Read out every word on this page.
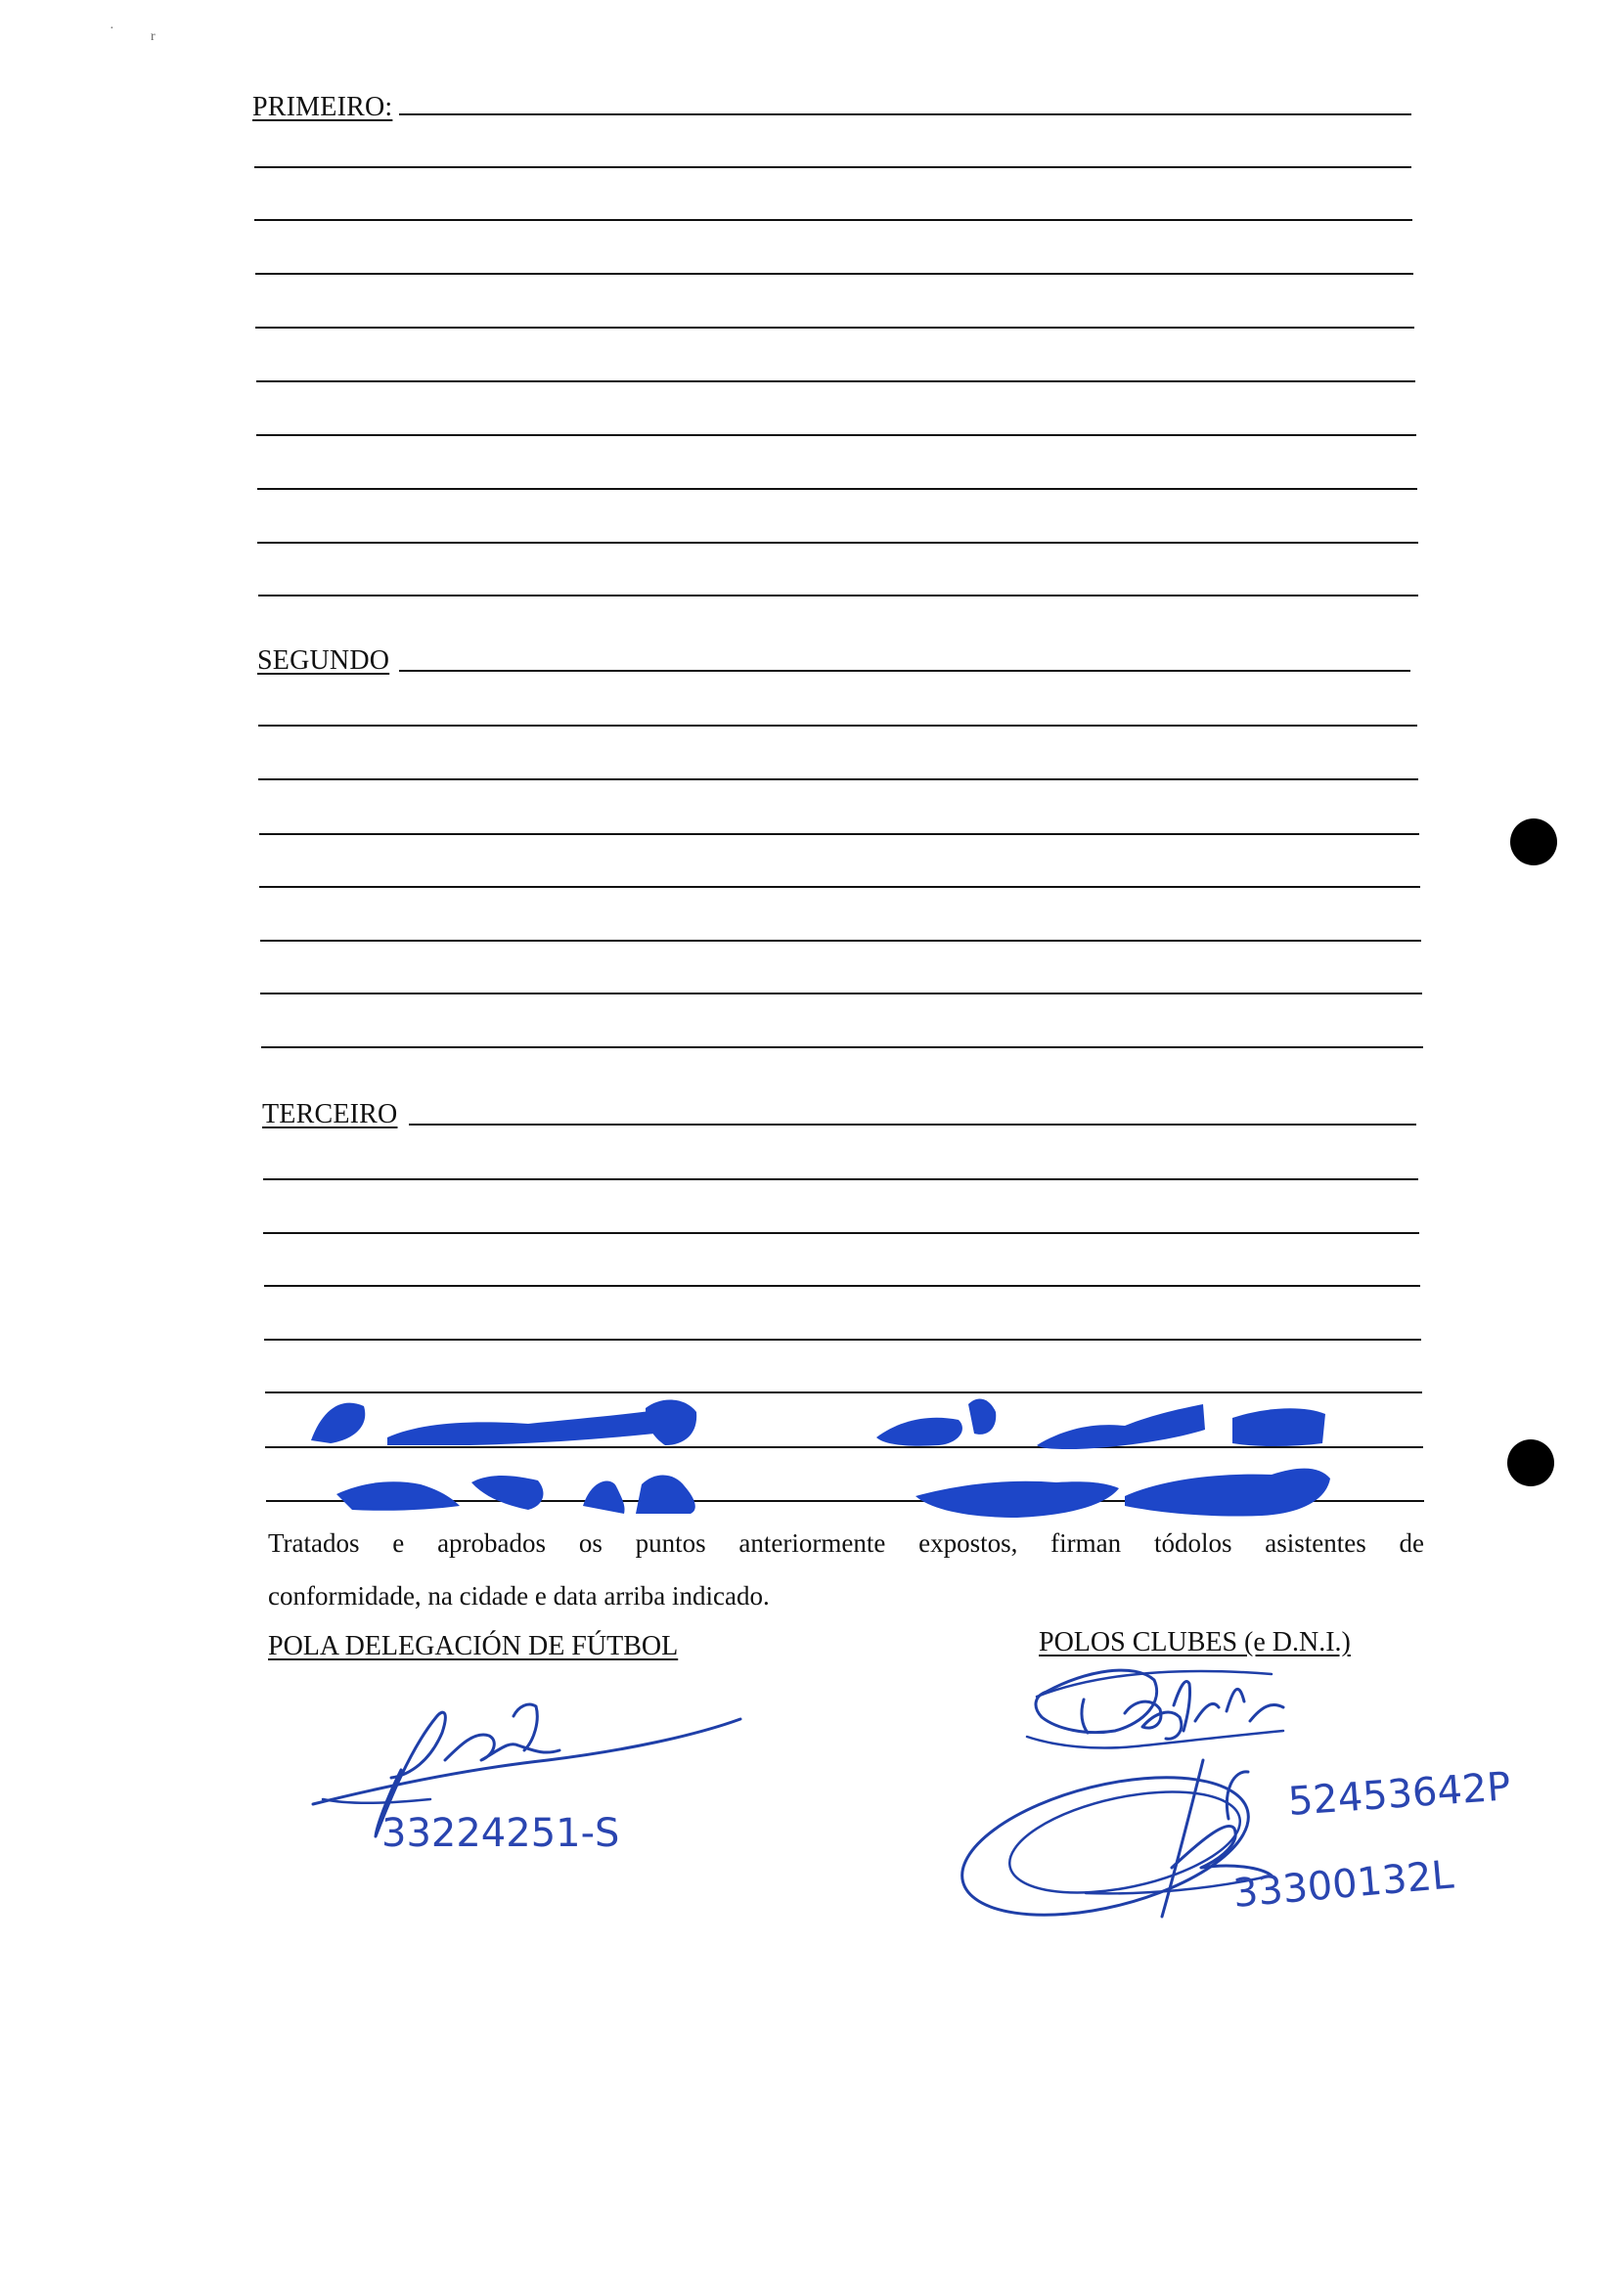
·
r
PRIMEIRO:
SEGUNDO
TERCEIRO

Tratados e aprobados os puntos anteriormente expostos, firman tódolos asistentes de

conformidade, na cidade e data arriba indicado.

POLA DELEGACIÓN DE FÚTBOL	POLOS CLUBES (e D.N.I.)
33224251-S
52453642P
33300132L
